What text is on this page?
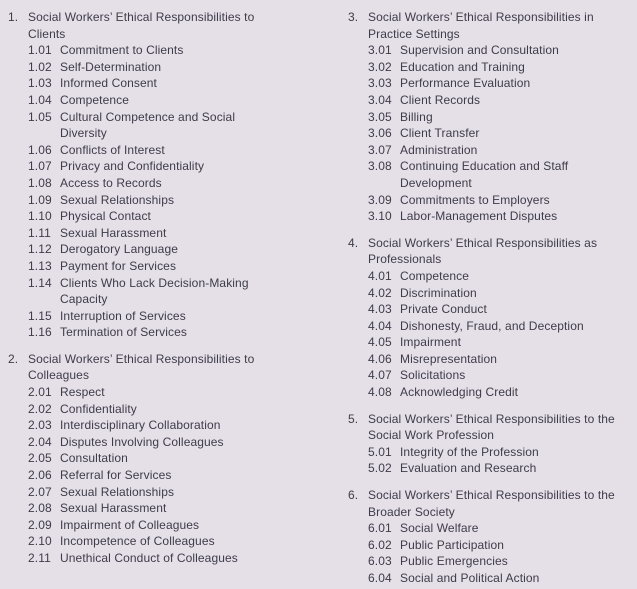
1. Social Workers’ Ethical Responsibilities to Clients
1.01 Commitment to Clients
1.02 Self-Determination
1.03 Informed Consent
1.04 Competence
1.05 Cultural Competence and Social Diversity
1.06 Conflicts of Interest
1.07 Privacy and Confidentiality
1.08 Access to Records
1.09 Sexual Relationships
1.10 Physical Contact
1.11 Sexual Harassment
1.12 Derogatory Language
1.13 Payment for Services
1.14 Clients Who Lack Decision-Making Capacity
1.15 Interruption of Services
1.16 Termination of Services
2. Social Workers’ Ethical Responsibilities to Colleagues
2.01 Respect
2.02 Confidentiality
2.03 Interdisciplinary Collaboration
2.04 Disputes Involving Colleagues
2.05 Consultation
2.06 Referral for Services
2.07 Sexual Relationships
2.08 Sexual Harassment
2.09 Impairment of Colleagues
2.10 Incompetence of Colleagues
2.11 Unethical Conduct of Colleagues
3. Social Workers’ Ethical Responsibilities in Practice Settings
3.01 Supervision and Consultation
3.02 Education and Training
3.03 Performance Evaluation
3.04 Client Records
3.05 Billing
3.06 Client Transfer
3.07 Administration
3.08 Continuing Education and Staff Development
3.09 Commitments to Employers
3.10 Labor-Management Disputes
4. Social Workers’ Ethical Responsibilities as Professionals
4.01 Competence
4.02 Discrimination
4.03 Private Conduct
4.04 Dishonesty, Fraud, and Deception
4.05 Impairment
4.06 Misrepresentation
4.07 Solicitations
4.08 Acknowledging Credit
5. Social Workers’ Ethical Responsibilities to the Social Work Profession
5.01 Integrity of the Profession
5.02 Evaluation and Research
6. Social Workers’ Ethical Responsibilities to the Broader Society
6.01 Social Welfare
6.02 Public Participation
6.03 Public Emergencies
6.04 Social and Political Action
